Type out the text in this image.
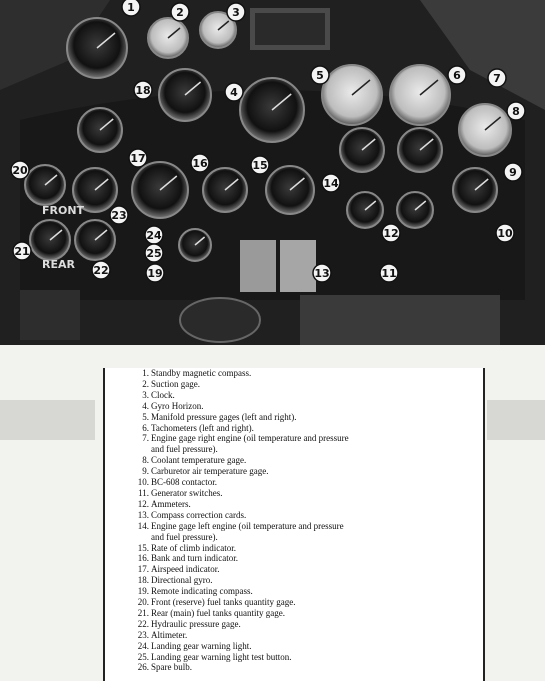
1	2	3
4
5	6	7
8
9
10
11
12
13
14
15
16
17
18
19
20
21
22
23
24
25
FRONT
REAR
1. Standby magnetic compass.
2. Suction gage.
3. Clock.
4. Gyro Horizon.
5. Manifold pressure gages (left and right).
6. Tachometers (left and right).
7. Engine gage right engine (oil temperature and pressure
and fuel pressure).
8. Coolant temperature gage.
9. Carburetor air temperature gage.
10. BC-608 contactor.
11. Generator switches.
12. Ammeters.
13. Compass correction cards.
14. Engine gage left engine (oil temperature and pressure
and fuel pressure).
15. Rate of climb indicator.
16. Bank and turn indicator.
17. Airspeed indicator.
18. Directional gyro.
19. Remote indicating compass.
20. Front (reserve) fuel tanks quantity gage.
21. Rear (main) fuel tanks quantity gage.
22. Hydraulic pressure gage.
23. Altimeter.
24. Landing gear warning light.
25. Landing gear warning light test button.
26. Spare bulb.
